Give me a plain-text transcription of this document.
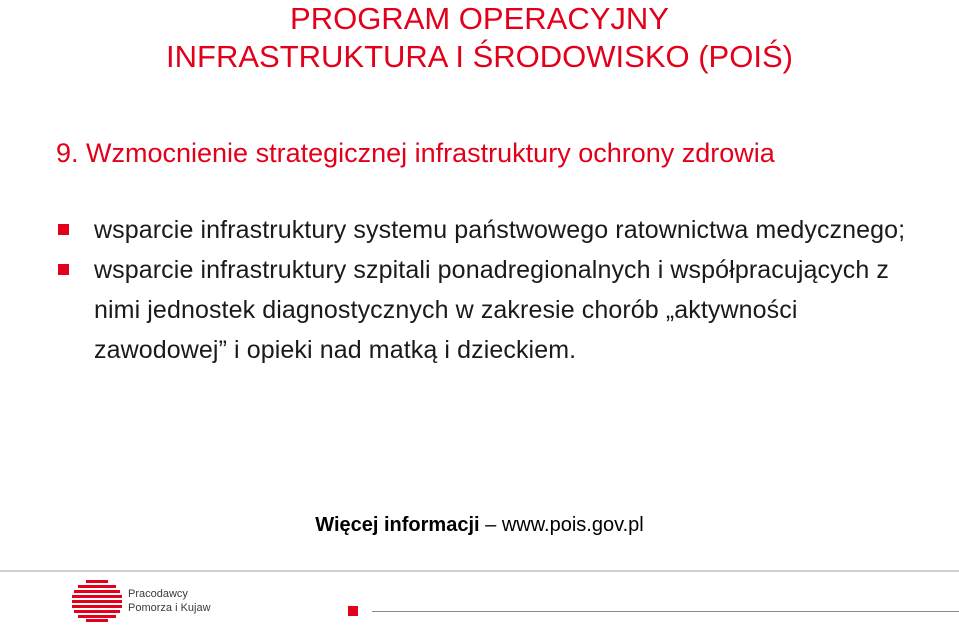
PROGRAM OPERACYJNY
INFRASTRUKTURA I ŚRODOWISKO (POIŚ)
9. Wzmocnienie strategicznej infrastruktury ochrony zdrowia
wsparcie infrastruktury systemu państwowego ratownictwa medycznego;
wsparcie infrastruktury szpitali ponadregionalnych i współpracujących z nimi jednostek diagnostycznych w zakresie chorób „aktywności zawodowej” i opieki nad matką i dzieckiem.
Więcej informacji – www.pois.gov.pl
Pracodawcy
Pomorza i Kujaw
